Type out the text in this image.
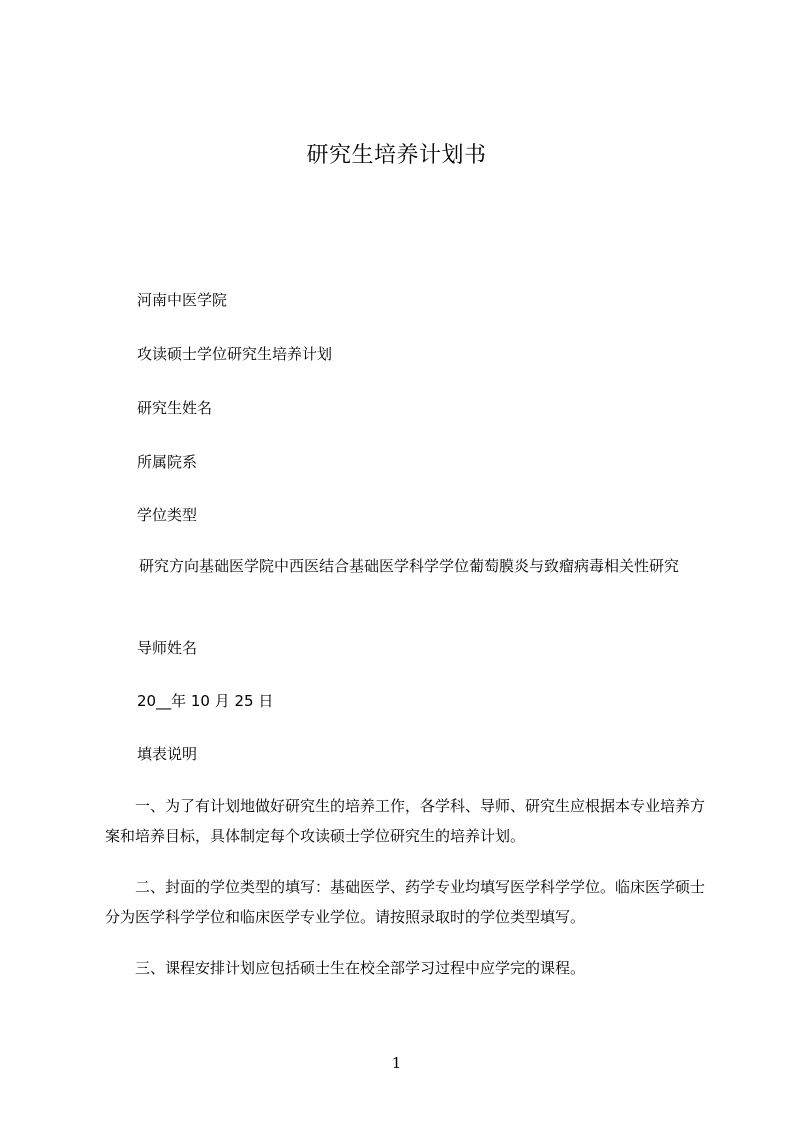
研究生培养计划书
河南中医学院
攻读硕士学位研究生培养计划
研究生姓名
所属院系
学位类型
研究方向基础医学院中西医结合基础医学科学学位葡萄膜炎与致瘤病毒相关性研究
导师姓名
20__年 10 月 25 日
填表说明
一、为了有计划地做好研究生的培养工作，各学科、导师、研究生应根据本专业培养方案和培养目标，具体制定每个攻读硕士学位研究生的培养计划。
二、封面的学位类型的填写：基础医学、药学专业均填写医学科学学位。临床医学硕士分为医学科学学位和临床医学专业学位。请按照录取时的学位类型填写。
三、课程安排计划应包括硕士生在校全部学习过程中应学完的课程。
1
